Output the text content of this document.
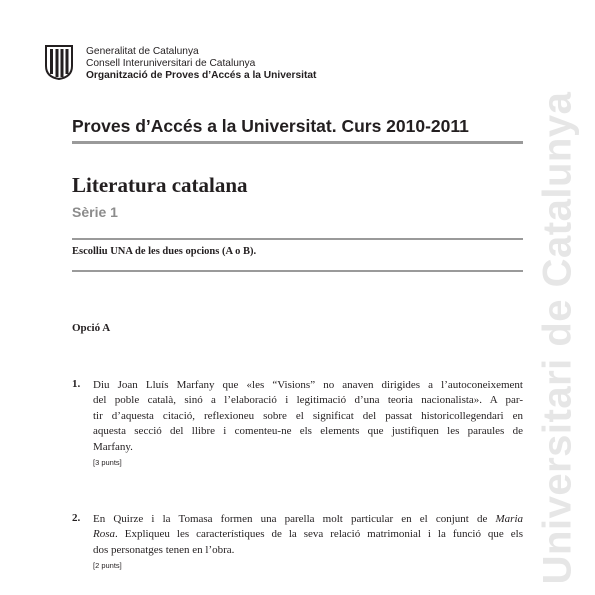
Generalitat de Catalunya
Consell Interuniversitari de Catalunya
Organització de Proves d’Accés a la Universitat
Proves d’Accés a la Universitat. Curs 2010-2011
Literatura catalana
Sèrie 1
Escolliu UNA de les dues opcions (A o B).
Opció A
1. Diu Joan Lluís Marfany que «les “Visions” no anaven dirigides a l’autoconeixement
del poble català, sinó a l’elaboració i legitimació d’una teoria nacionalista». A par-
tir d’aquesta citació, reflexioneu sobre el significat del passat historicollegendari en
aquesta secció del llibre i comenteu-ne els elements que justifiquen les paraules de
Marfany.
[3 punts]
2. En Quirze i la Tomasa formen una parella molt particular en el conjunt de Maria
Rosa. Expliqueu les característiques de la seva relació matrimonial i la funció que els
dos personatges tenen en l’obra.
[2 punts]	Universitari de Catalunya
